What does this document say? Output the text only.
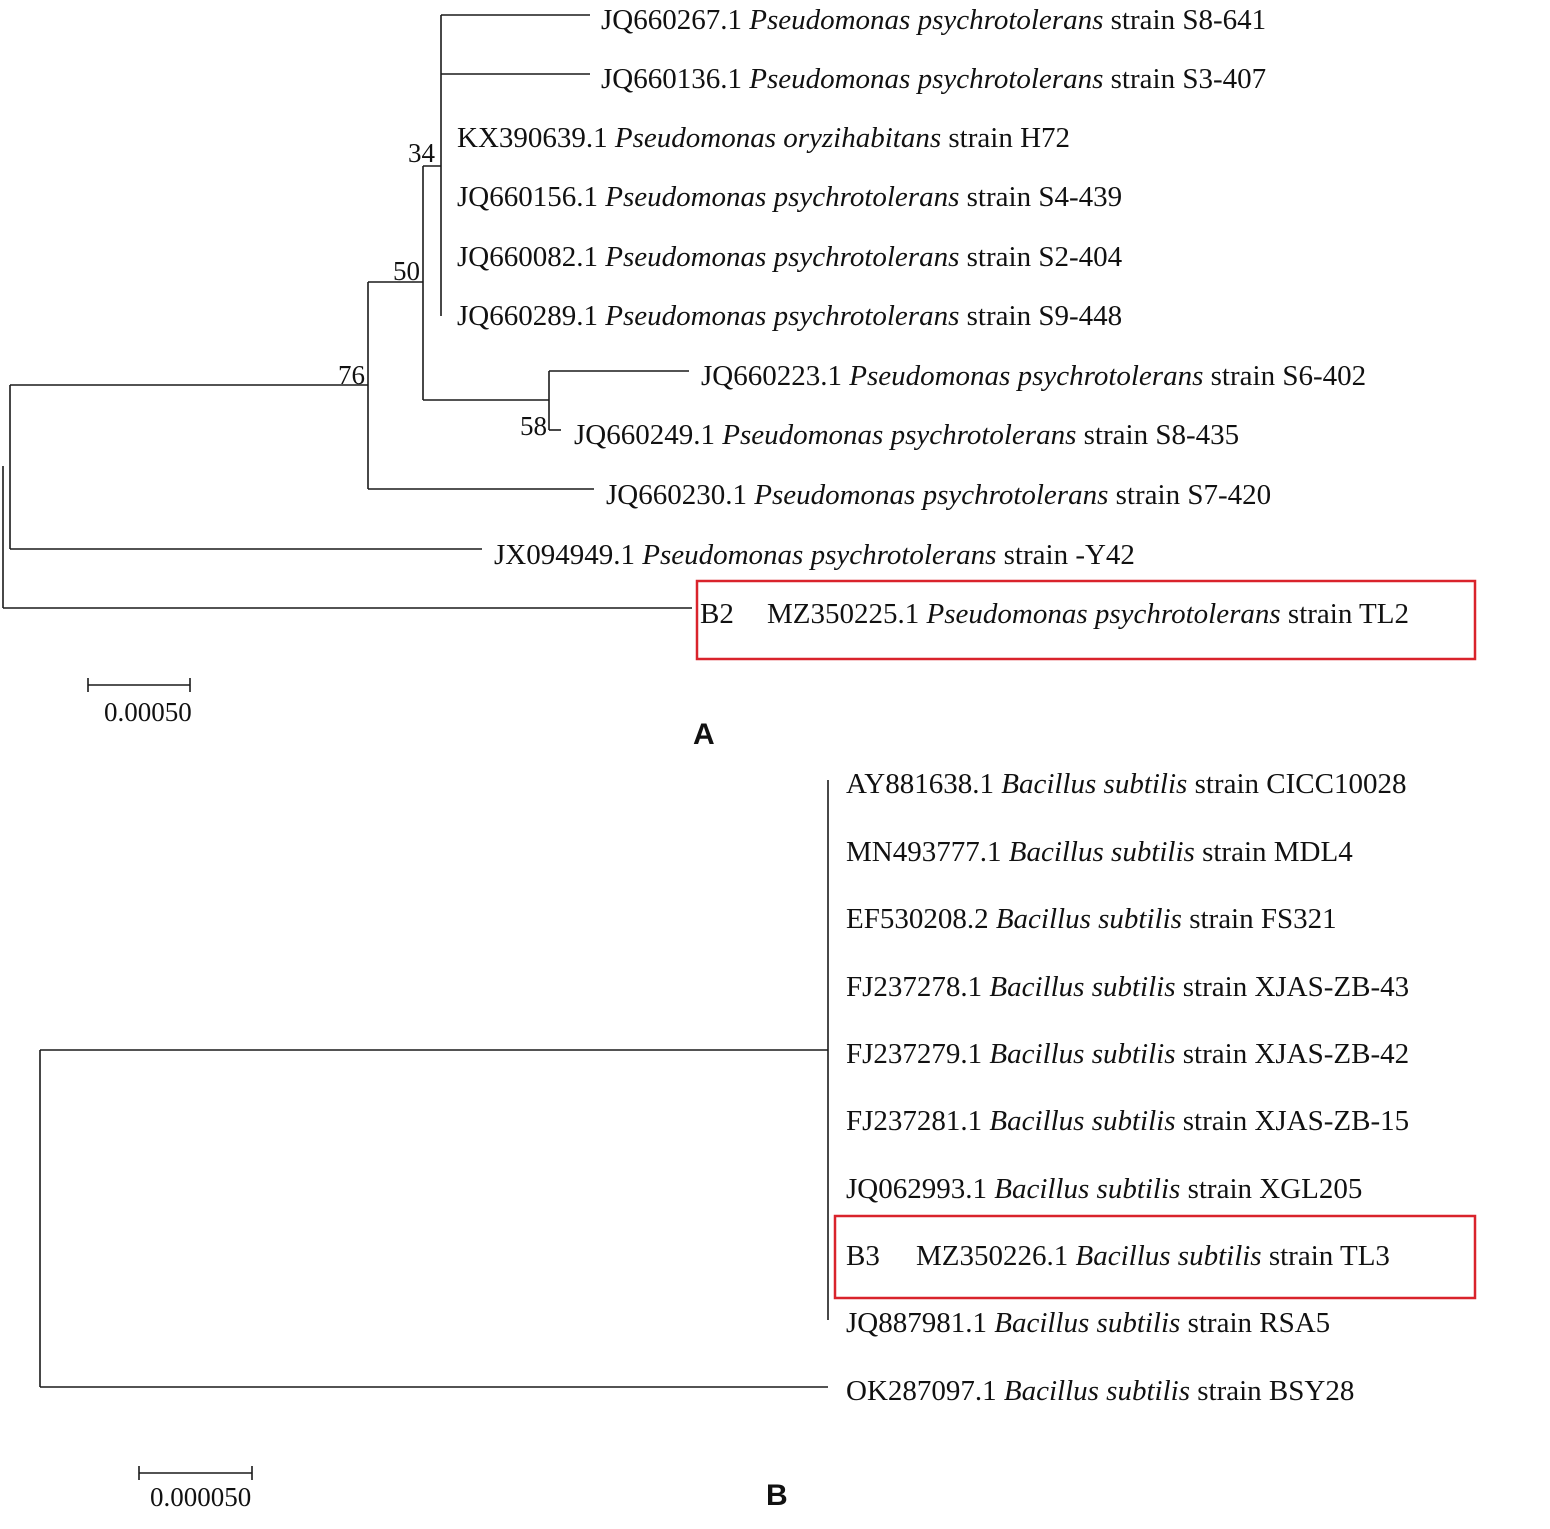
34
50
76
58
JQ660267.1 Pseudomonas psychrotolerans strain S8-641
JQ660136.1 Pseudomonas psychrotolerans strain S3-407
KX390639.1 Pseudomonas oryzihabitans strain H72
JQ660156.1 Pseudomonas psychrotolerans strain S4-439
JQ660082.1 Pseudomonas psychrotolerans strain S2-404
JQ660289.1 Pseudomonas psychrotolerans strain S9-448
JQ660223.1 Pseudomonas psychrotolerans strain S6-402
JQ660249.1 Pseudomonas psychrotolerans strain S8-435
JQ660230.1 Pseudomonas psychrotolerans strain S7-420
JX094949.1 Pseudomonas psychrotolerans strain -Y42
B2 MZ350225.1 Pseudomonas psychrotolerans strain TL2
0.00050
A
AY881638.1 Bacillus subtilis strain CICC10028
MN493777.1 Bacillus subtilis strain MDL4
EF530208.2 Bacillus subtilis strain FS321
FJ237278.1 Bacillus subtilis strain XJAS-ZB-43
FJ237279.1 Bacillus subtilis strain XJAS-ZB-42
FJ237281.1 Bacillus subtilis strain XJAS-ZB-15
JQ062993.1 Bacillus subtilis strain XGL205
B3 MZ350226.1 Bacillus subtilis strain TL3
JQ887981.1 Bacillus subtilis strain RSA5
OK287097.1 Bacillus subtilis strain BSY28
0.000050	B
